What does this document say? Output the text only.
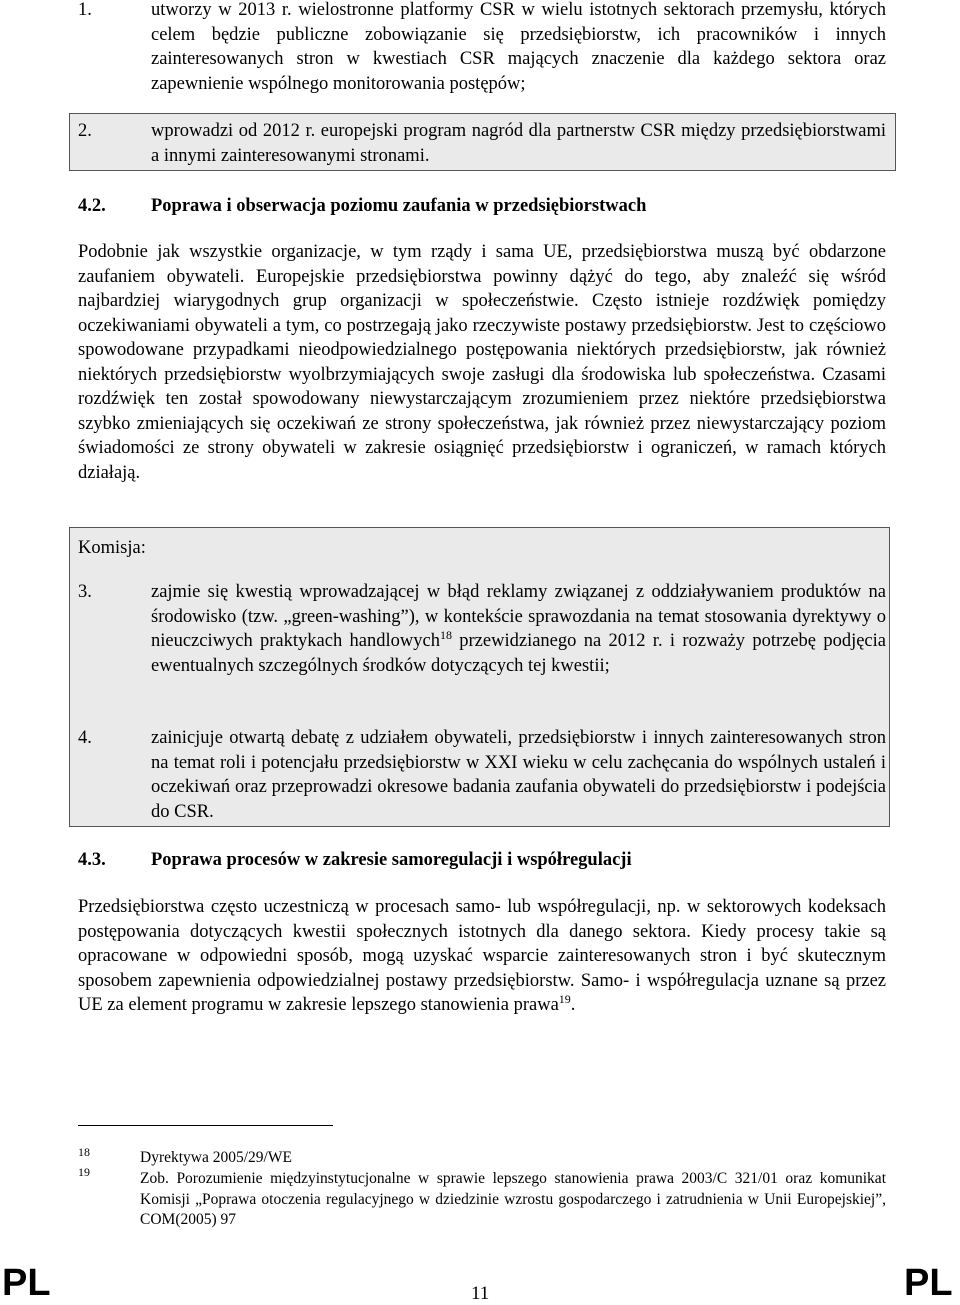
1.	utworzy w 2013 r. wielostronne platformy CSR w wielu istotnych sektorach przemysłu, których celem będzie publiczne zobowiązanie się przedsiębiorstw, ich pracowników i innych zainteresowanych stron w kwestiach CSR mających znaczenie dla każdego sektora oraz zapewnienie wspólnego monitorowania postępów;
2.	wprowadzi od 2012 r. europejski program nagród dla partnerstw CSR między przedsiębiorstwami a innymi zainteresowanymi stronami.
4.2. Poprawa i obserwacja poziomu zaufania w przedsiębiorstwach
Podobnie jak wszystkie organizacje, w tym rządy i sama UE, przedsiębiorstwa muszą być obdarzone zaufaniem obywateli. Europejskie przedsiębiorstwa powinny dążyć do tego, aby znaleźć się wśród najbardziej wiarygodnych grup organizacji w społeczeństwie. Często istnieje rozdźwięk pomiędzy oczekiwaniami obywateli a tym, co postrzegają jako rzeczywiste postawy przedsiębiorstw. Jest to częściowo spowodowane przypadkami nieodpowiedzialnego postępowania niektórych przedsiębiorstw, jak również niektórych przedsiębiorstw wyolbrzymiających swoje zasługi dla środowiska lub społeczeństwa. Czasami rozdźwięk ten został spowodowany niewystarczającym zrozumieniem przez niektóre przedsiębiorstwa szybko zmieniających się oczekiwań ze strony społeczeństwa, jak również przez niewystarczający poziom świadomości ze strony obywateli w zakresie osiągnięć przedsiębiorstw i ograniczeń, w ramach których działają.
Komisja:
3.	zajmie się kwestią wprowadzającej w błąd reklamy związanej z oddziaływaniem produktów na środowisko (tzw. „green-washing”), w kontekście sprawozdania na temat stosowania dyrektywy o nieuczciwych praktykach handlowych$^{18}$ przewidzianego na 2012 r. i rozważy potrzebę podjęcia ewentualnych szczególnych środków dotyczących tej kwestii;
4.	zainicjuje otwartą debatę z udziałem obywateli, przedsiębiorstw i innych zainteresowanych stron na temat roli i potencjału przedsiębiorstw w XXI wieku w celu zachęcania do wspólnych ustaleń i oczekiwań oraz przeprowadzi okresowe badania zaufania obywateli do przedsiębiorstw i podejścia do CSR.
4.3. Poprawa procesów w zakresie samoregulacji i współregulacji
Przedsiębiorstwa często uczestniczą w procesach samo- lub współregulacji, np. w sektorowych kodeksach postępowania dotyczących kwestii społecznych istotnych dla danego sektora. Kiedy procesy takie są opracowane w odpowiedni sposób, mogą uzyskać wsparcie zainteresowanych stron i być skutecznym sposobem zapewnienia odpowiedzialnej postawy przedsiębiorstw. Samo- i współregulacja uznane są przez UE za element programu w zakresie lepszego stanowienia prawa$^{19}$.
18	Dyrektywa 2005/29/WE
19	Zob. Porozumienie międzyinstytucjonalne w sprawie lepszego stanowienia prawa 2003/C 321/01 oraz komunikat Komisji „Poprawa otoczenia regulacyjnego w dziedzinie wzrostu gospodarczego i zatrudnienia w Unii Europejskiej”, COM(2005) 97
PL	11	PL
